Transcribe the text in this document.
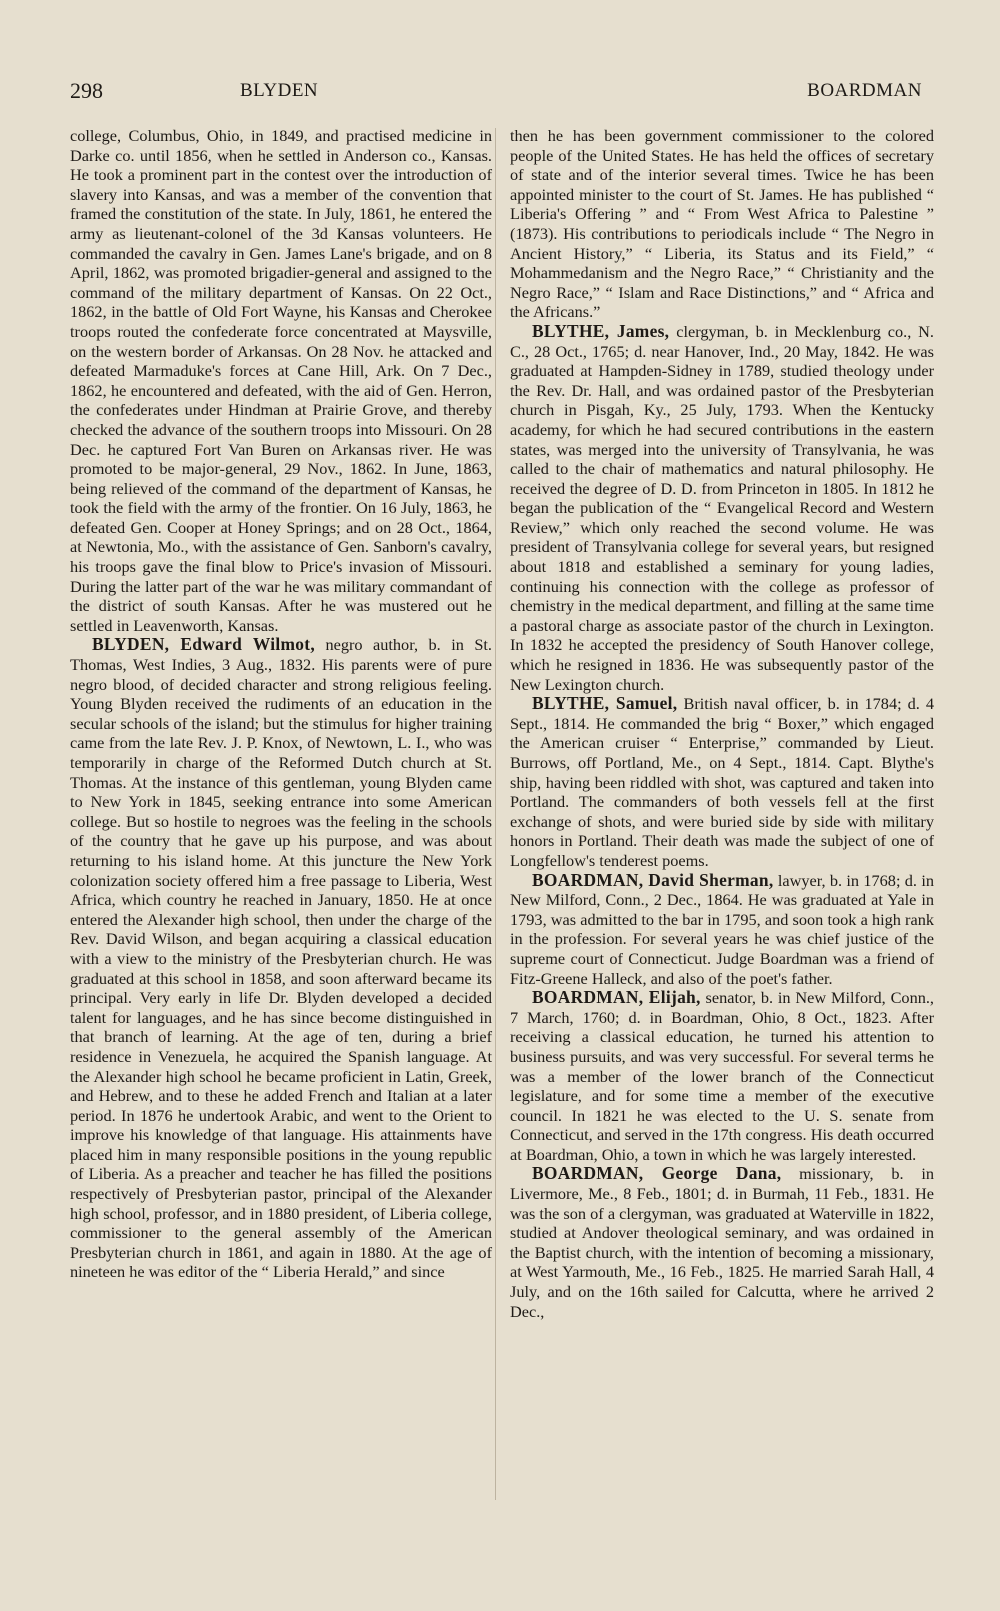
298	BLYDEN	BOARDMAN

college, Columbus, Ohio, in 1849, and practised medicine in Darke co. until 1856, when he settled in Anderson co., Kansas. He took a prominent part in the contest over the introduction of slavery into Kansas, and was a member of the convention that framed the constitution of the state. In July, 1861, he entered the army as lieutenant-colonel of the 3d Kansas volunteers. He commanded the cavalry in Gen. James Lane's brigade, and on 8 April, 1862, was promoted brigadier-general and assigned to the command of the military department of Kansas. On 22 Oct., 1862, in the battle of Old Fort Wayne, his Kansas and Cherokee troops routed the confederate force concentrated at Maysville, on the western border of Arkansas. On 28 Nov. he attacked and defeated Marmaduke's forces at Cane Hill, Ark. On 7 Dec., 1862, he encountered and defeated, with the aid of Gen. Herron, the confederates under Hindman at Prairie Grove, and thereby checked the advance of the southern troops into Missouri. On 28 Dec. he captured Fort Van Buren on Arkansas river. He was promoted to be major-general, 29 Nov., 1862. In June, 1863, being relieved of the command of the department of Kansas, he took the field with the army of the frontier. On 16 July, 1863, he defeated Gen. Cooper at Honey Springs; and on 28 Oct., 1864, at Newtonia, Mo., with the assistance of Gen. Sanborn's cavalry, his troops gave the final blow to Price's invasion of Missouri. During the latter part of the war he was military commandant of the district of south Kansas. After he was mustered out he settled in Leavenworth, Kansas.

BLYDEN, Edward Wilmot, negro author, b. in St. Thomas, West Indies, 3 Aug., 1832. His parents were of pure negro blood, of decided character and strong religious feeling. Young Blyden received the rudiments of an education in the secular schools of the island; but the stimulus for higher training came from the late Rev. J. P. Knox, of Newtown, L. I., who was temporarily in charge of the Reformed Dutch church at St. Thomas. At the instance of this gentleman, young Blyden came to New York in 1845, seeking entrance into some American college. But so hostile to negroes was the feeling in the schools of the country that he gave up his purpose, and was about returning to his island home. At this juncture the New York colonization society offered him a free passage to Liberia, West Africa, which country he reached in January, 1850. He at once entered the Alexander high school, then under the charge of the Rev. David Wilson, and began acquiring a classical education with a view to the ministry of the Presbyterian church. He was graduated at this school in 1858, and soon afterward became its principal. Very early in life Dr. Blyden developed a decided talent for languages, and he has since become distinguished in that branch of learning. At the age of ten, during a brief residence in Venezuela, he acquired the Spanish language. At the Alexander high school he became proficient in Latin, Greek, and Hebrew, and to these he added French and Italian at a later period. In 1876 he undertook Arabic, and went to the Orient to improve his knowledge of that language. His attainments have placed him in many responsible positions in the young republic of Liberia. As a preacher and teacher he has filled the positions respectively of Presbyterian pastor, principal of the Alexander high school, professor, and in 1880 president, of Liberia college, commissioner to the general assembly of the American Presbyterian church in 1861, and again in 1880. At the age of nineteen he was editor of the “ Liberia Herald,” and since

then he has been government commissioner to the colored people of the United States. He has held the offices of secretary of state and of the interior several times. Twice he has been appointed minister to the court of St. James. He has published “ Liberia's Offering ” and “ From West Africa to Palestine ” (1873). His contributions to periodicals include “ The Negro in Ancient History,” “ Liberia, its Status and its Field,” “ Mohammedanism and the Negro Race,” “ Christianity and the Negro Race,” “ Islam and Race Distinctions,” and “ Africa and the Africans.”

BLYTHE, James, clergyman, b. in Mecklenburg co., N. C., 28 Oct., 1765; d. near Hanover, Ind., 20 May, 1842. He was graduated at Hampden-Sidney in 1789, studied theology under the Rev. Dr. Hall, and was ordained pastor of the Presbyterian church in Pisgah, Ky., 25 July, 1793. When the Kentucky academy, for which he had secured contributions in the eastern states, was merged into the university of Transylvania, he was called to the chair of mathematics and natural philosophy. He received the degree of D. D. from Princeton in 1805. In 1812 he began the publication of the “ Evangelical Record and Western Review,” which only reached the second volume. He was president of Transylvania college for several years, but resigned about 1818 and established a seminary for young ladies, continuing his connection with the college as professor of chemistry in the medical department, and filling at the same time a pastoral charge as associate pastor of the church in Lexington. In 1832 he accepted the presidency of South Hanover college, which he resigned in 1836. He was subsequently pastor of the New Lexington church.

BLYTHE, Samuel, British naval officer, b. in 1784; d. 4 Sept., 1814. He commanded the brig “ Boxer,” which engaged the American cruiser “ Enterprise,” commanded by Lieut. Burrows, off Portland, Me., on 4 Sept., 1814. Capt. Blythe's ship, having been riddled with shot, was captured and taken into Portland. The commanders of both vessels fell at the first exchange of shots, and were buried side by side with military honors in Portland. Their death was made the subject of one of Longfellow's tenderest poems.

BOARDMAN, David Sherman, lawyer, b. in 1768; d. in New Milford, Conn., 2 Dec., 1864. He was graduated at Yale in 1793, was admitted to the bar in 1795, and soon took a high rank in the profession. For several years he was chief justice of the supreme court of Connecticut. Judge Boardman was a friend of Fitz-Greene Halleck, and also of the poet's father.

BOARDMAN, Elijah, senator, b. in New Milford, Conn., 7 March, 1760; d. in Boardman, Ohio, 8 Oct., 1823. After receiving a classical education, he turned his attention to business pursuits, and was very successful. For several terms he was a member of the lower branch of the Connecticut legislature, and for some time a member of the executive council. In 1821 he was elected to the U. S. senate from Connecticut, and served in the 17th congress. His death occurred at Boardman, Ohio, a town in which he was largely interested.

BOARDMAN, George Dana, missionary, b. in Livermore, Me., 8 Feb., 1801; d. in Burmah, 11 Feb., 1831. He was the son of a clergyman, was graduated at Waterville in 1822, studied at Andover theological seminary, and was ordained in the Baptist church, with the intention of becoming a missionary, at West Yarmouth, Me., 16 Feb., 1825. He married Sarah Hall, 4 July, and on the 16th sailed for Calcutta, where he arrived 2 Dec.,
